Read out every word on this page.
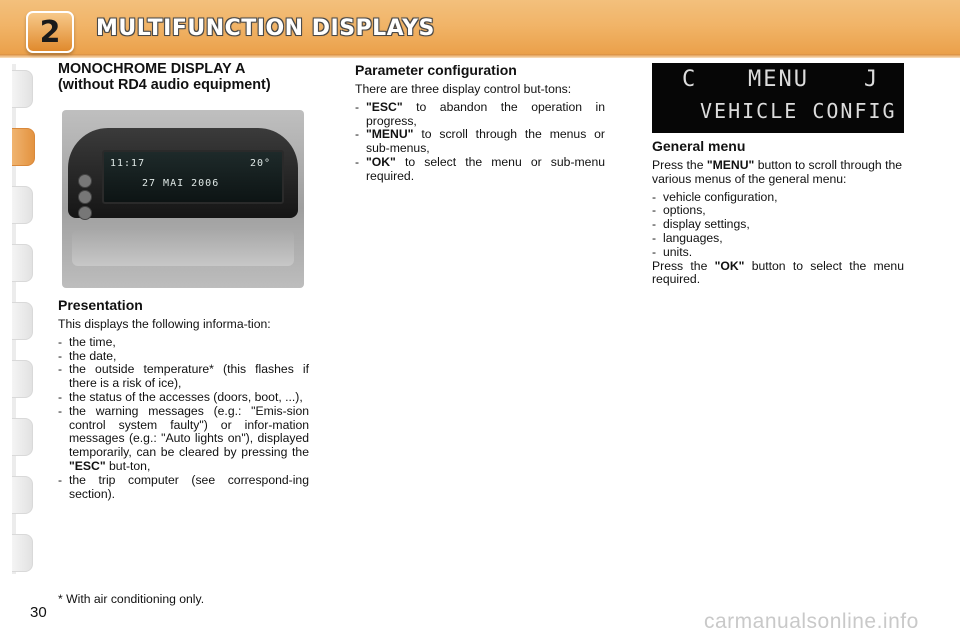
2 MULTIFUNCTION DISPLAYS
MONOCHROME DISPLAY A
(without RD4 audio equipment)
11:17	20°
27 MAI 2006
Presentation

This displays the following informa-tion:

- the time,
- the date,
- the outside temperature* (this flashes if there is a risk of ice),
- the status of the accesses (doors, boot, ...),
- the warning messages (e.g.: "Emis-sion control system faulty") or infor-mation messages (e.g.: "Auto lights on"), displayed temporarily, can be cleared by pressing the "ESC" but-ton,
- the trip computer (see correspond-ing section).
Parameter configuration

There are three display control but-tons:

- "ESC" to abandon the operation in progress,
- "MENU" to scroll through the menus or sub-menus,
- "OK" to select the menu or sub-menu required.
C MENU	J
VEHICLE CONFIG
General menu

Press the "MENU" button to scroll through the various menus of the general menu:

- vehicle configuration,
- options,
- display settings,
- languages,
- units.

Press the "OK" button to select the menu required.

* With air conditioning only.
30	carmanualsonline.info
